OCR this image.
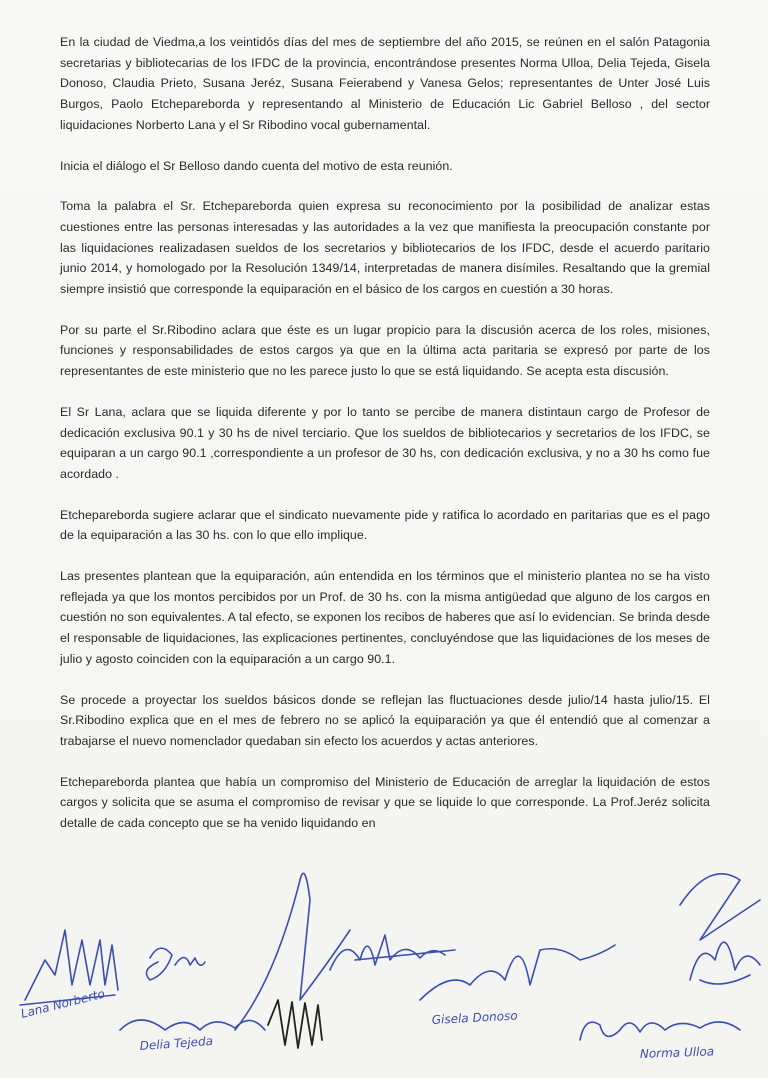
En la ciudad de Viedma,a los veintidós días del mes de septiembre del año 2015, se reúnen en el salón Patagonia secretarias y bibliotecarias de los IFDC de la provincia, encontrándose presentes Norma Ulloa, Delia Tejeda, Gisela Donoso, Claudia Prieto, Susana Jeréz, Susana Feierabend y Vanesa Gelos; representantes de Unter José Luis Burgos, Paolo Etchepareborda y representando al Ministerio de Educación Lic Gabriel Belloso , del sector liquidaciones Norberto Lana y el Sr Ribodino vocal gubernamental.

Inicia el diálogo el Sr Belloso dando cuenta del motivo de esta reunión.

Toma la palabra el Sr. Etchepareborda quien expresa su reconocimiento por la posibilidad de analizar estas cuestiones entre las personas interesadas y las autoridades a la vez que manifiesta la preocupación constante por las liquidaciones realizadasen sueldos de los secretarios y bibliotecarios de los IFDC, desde el acuerdo paritario junio 2014, y homologado por la Resolución 1349/14, interpretadas de manera disímiles. Resaltando que la gremial siempre insistió que corresponde la equiparación en el básico de los cargos en cuestión a 30 horas.

Por su parte el Sr.Ribodino aclara que éste es un lugar propicio para la discusión acerca de los roles, misiones, funciones y responsabilidades de estos cargos ya que en la última acta paritaria se expresó por parte de los representantes de este ministerio que no les parece justo lo que se está liquidando. Se acepta esta discusión.

El Sr Lana, aclara que se liquida diferente y por lo tanto se percibe de manera distintaun cargo de Profesor de dedicación exclusiva 90.1 y 30 hs de nivel terciario. Que los sueldos de bibliotecarios y secretarios de los IFDC, se equiparan a un cargo 90.1 ,correspondiente a un profesor de 30 hs, con dedicación exclusiva, y no a 30 hs como fue acordado .

Etchepareborda sugiere aclarar que el sindicato nuevamente pide y ratifica lo acordado en paritarias que es el pago de la equiparación a las 30 hs. con lo que ello implique.

Las presentes plantean que la equiparación, aún entendida en los términos que el ministerio plantea no se ha visto reflejada ya que los montos percibidos por un Prof. de 30 hs. con la misma antigüedad que alguno de los cargos en cuestión no son equivalentes. A tal efecto, se exponen los recibos de haberes que así lo evidencian. Se brinda desde el responsable de liquidaciones, las explicaciones pertinentes, concluyéndose que las liquidaciones de los meses de julio y agosto coinciden con la equiparación a un cargo 90.1.

Se procede a proyectar los sueldos básicos donde se reflejan las fluctuaciones desde julio/14 hasta julio/15. El Sr.Ribodino explica que en el mes de febrero no se aplicó la equiparación ya que él entendió que al comenzar a trabajarse el nuevo nomenclador quedaban sin efecto los acuerdos y actas anteriores.

Etchepareborda plantea que había un compromiso del Ministerio de Educación de arreglar la liquidación de estos cargos y solicita que se asuma el compromiso de revisar y que se liquide lo que corresponde. La Prof.Jeréz solicita detalle de cada concepto que se ha venido liquidando en

Lana Norberto
Delia Tejeda
Gisela Donoso
Norma Ulloa
